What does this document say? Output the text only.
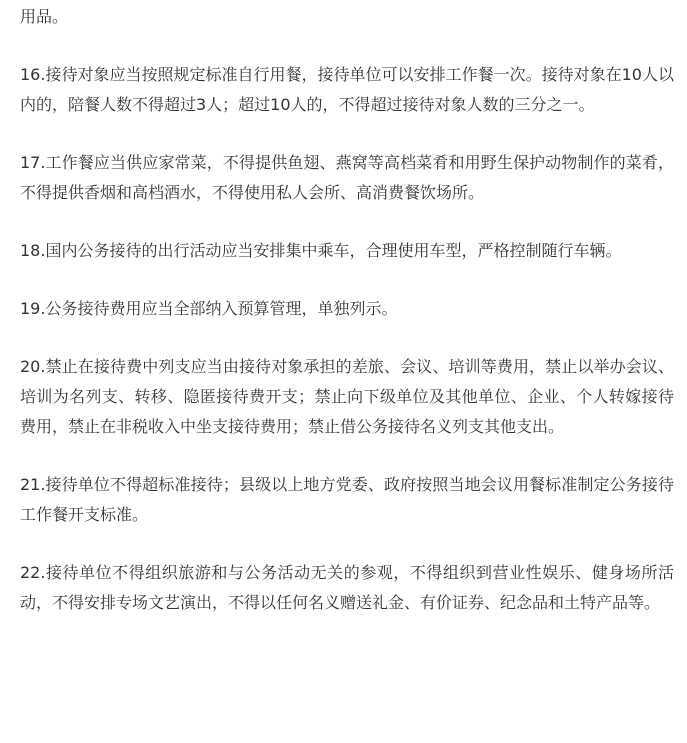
用品。

16.接待对象应当按照规定标准自行用餐，接待单位可以安排工作餐一次。接待对象在10人以内的，陪餐人数不得超过3人；超过10人的，不得超过接待对象人数的三分之一。

17.工作餐应当供应家常菜，不得提供鱼翅、燕窝等高档菜肴和用野生保护动物制作的菜肴，不得提供香烟和高档酒水，不得使用私人会所、高消费餐饮场所。

18.国内公务接待的出行活动应当安排集中乘车，合理使用车型，严格控制随行车辆。

19.公务接待费用应当全部纳入预算管理，单独列示。

20.禁止在接待费中列支应当由接待对象承担的差旅、会议、培训等费用，禁止以举办会议、培训为名列支、转移、隐匿接待费开支；禁止向下级单位及其他单位、企业、个人转嫁接待费用，禁止在非税收入中坐支接待费用；禁止借公务接待名义列支其他支出。

21.接待单位不得超标准接待；县级以上地方党委、政府按照当地会议用餐标准制定公务接待工作餐开支标准。

22.接待单位不得组织旅游和与公务活动无关的参观，不得组织到营业性娱乐、健身场所活动，不得安排专场文艺演出，不得以任何名义赠送礼金、有价证券、纪念品和土特产品等。
